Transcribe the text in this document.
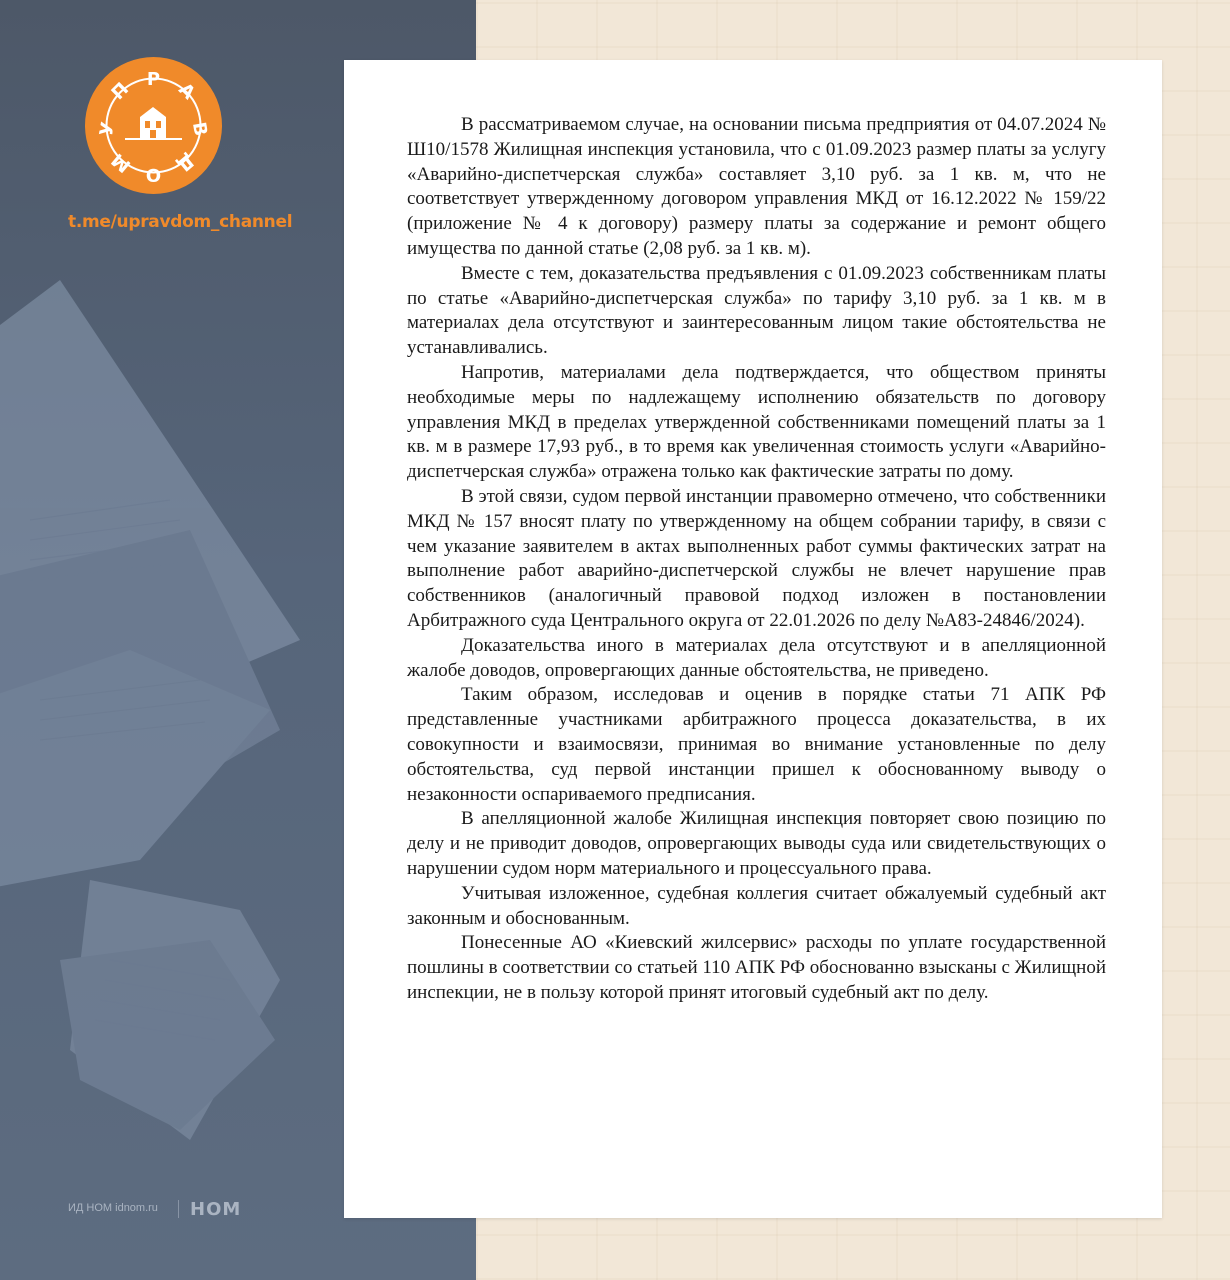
У
П Р А
В
Д
О
М
t.me/upravdom_channel
ИД НОМ idnom.ru НОМ

В рассматриваемом случае, на основании письма предприятия от 04.07.2024 № Ш10/1578 Жилищная инспекция установила, что с 01.09.2023 размер платы за услугу «Аварийно-диспетчерская служба» составляет 3,10 руб. за 1 кв. м, что не соответствует утвержденному договором управления МКД от 16.12.2022 № 159/22 (приложение № 4 к договору) размеру платы за содержание и ремонт общего имущества по данной статье (2,08 руб. за 1 кв. м).

Вместе с тем, доказательства предъявления с 01.09.2023 собственникам платы по статье «Аварийно-диспетчерская служба» по тарифу 3,10 руб. за 1 кв. м в материалах дела отсутствуют и заинтересованным лицом такие обстоятельства не устанавливались.

Напротив, материалами дела подтверждается, что обществом приняты необходимые меры по надлежащему исполнению обязательств по договору управления МКД в пределах утвержденной собственниками помещений платы за 1 кв. м в размере 17,93 руб., в то время как увеличенная стоимость услуги «Аварийно-диспетчерская служба» отражена только как фактические затраты по дому.

В этой связи, судом первой инстанции правомерно отмечено, что собственники МКД № 157 вносят плату по утвержденному на общем собрании тарифу, в связи с чем указание заявителем в актах выполненных работ суммы фактических затрат на выполнение работ аварийно-диспетчерской службы не влечет нарушение прав собственников (аналогичный правовой подход изложен в постановлении Арбитражного суда Центрального округа от 22.01.2026 по делу №А83-24846/2024).

Доказательства иного в материалах дела отсутствуют и в апелляционной жалобе доводов, опровергающих данные обстоятельства, не приведено.

Таким образом, исследовав и оценив в порядке статьи 71 АПК РФ представленные участниками арбитражного процесса доказательства, в их совокупности и взаимосвязи, принимая во внимание установленные по делу обстоятельства, суд первой инстанции пришел к обоснованному выводу о незаконности оспариваемого предписания.

В апелляционной жалобе Жилищная инспекция повторяет свою позицию по делу и не приводит доводов, опровергающих выводы суда или свидетельствующих о нарушении судом норм материального и процессуального права.

Учитывая изложенное, судебная коллегия считает обжалуемый судебный акт законным и обоснованным.

Понесенные АО «Киевский жилсервис» расходы по уплате государственной пошлины в соответствии со статьей 110 АПК РФ обоснованно взысканы с Жилищной инспекции, не в пользу которой принят итоговый судебный акт по делу.
